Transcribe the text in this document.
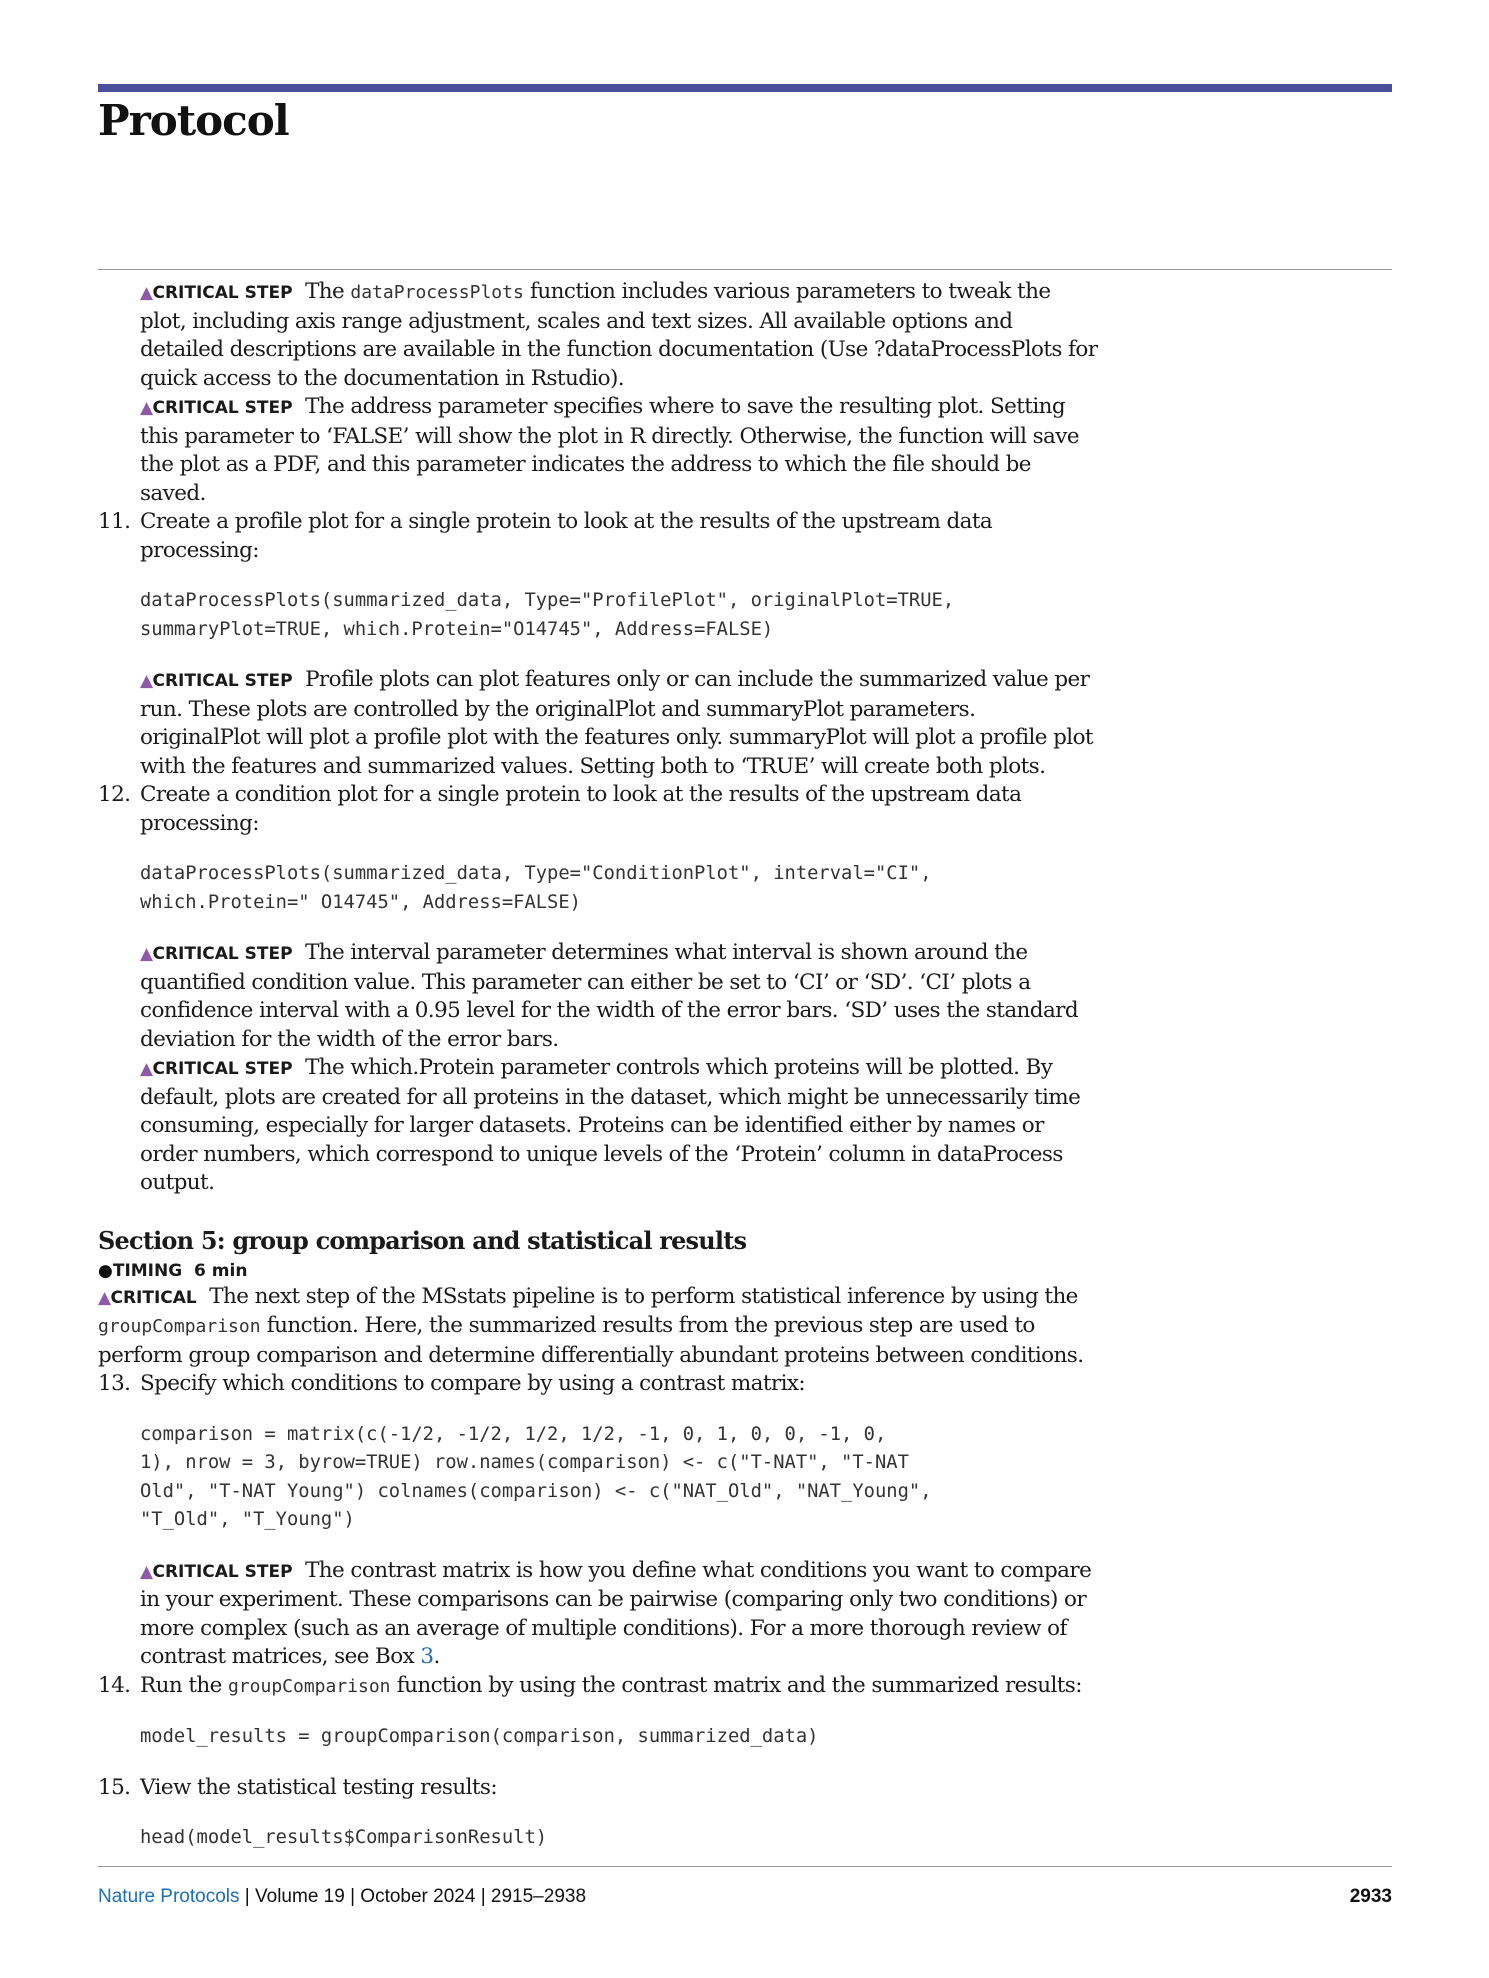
Protocol

▲CRITICAL STEP The dataProcessPlots function includes various parameters to tweak the plot, including axis range adjustment, scales and text sizes. All available options and detailed descriptions are available in the function documentation (Use ?dataProcessPlots for quick access to the documentation in Rstudio).

▲CRITICAL STEP The address parameter specifies where to save the resulting plot. Setting this parameter to ‘FALSE’ will show the plot in R directly. Otherwise, the function will save the plot as a PDF, and this parameter indicates the address to which the file should be saved.

11. Create a profile plot for a single protein to look at the results of the upstream data processing:
dataProcessPlots(summarized_data, Type="ProfilePlot", originalPlot=TRUE,
summaryPlot=TRUE, which.Protein="O14745", Address=FALSE)

▲CRITICAL STEP Profile plots can plot features only or can include the summarized value per run. These plots are controlled by the originalPlot and summaryPlot parameters. originalPlot will plot a profile plot with the features only. summaryPlot will plot a profile plot with the features and summarized values. Setting both to ‘TRUE’ will create both plots.

12. Create a condition plot for a single protein to look at the results of the upstream data processing:
dataProcessPlots(summarized_data, Type="ConditionPlot", interval="CI",
which.Protein=" O14745", Address=FALSE)

▲CRITICAL STEP The interval parameter determines what interval is shown around the quantified condition value. This parameter can either be set to ‘CI’ or ‘SD’. ‘CI’ plots a confidence interval with a 0.95 level for the width of the error bars. ‘SD’ uses the standard deviation for the width of the error bars.

▲CRITICAL STEP The which.Protein parameter controls which proteins will be plotted. By default, plots are created for all proteins in the dataset, which might be unnecessarily time consuming, especially for larger datasets. Proteins can be identified either by names or order numbers, which correspond to unique levels of the ‘Protein’ column in dataProcess output.

Section 5: group comparison and statistical results

●TIMING 6 min

▲CRITICAL The next step of the MSstats pipeline is to perform statistical inference by using the groupComparison function. Here, the summarized results from the previous step are used to perform group comparison and determine differentially abundant proteins between conditions.

13. Specify which conditions to compare by using a contrast matrix:
comparison = matrix(c(-1/2, -1/2, 1/2, 1/2, -1, 0, 1, 0, 0, -1, 0,
1), nrow = 3, byrow=TRUE) row.names(comparison) <- c("T-NAT", "T-NAT
Old", "T-NAT Young") colnames(comparison) <- c("NAT_Old", "NAT_Young",
"T_Old", "T_Young")

▲CRITICAL STEP The contrast matrix is how you define what conditions you want to compare in your experiment. These comparisons can be pairwise (comparing only two conditions) or more complex (such as an average of multiple conditions). For a more thorough review of contrast matrices, see Box 3.

14. Run the groupComparison function by using the contrast matrix and the summarized results:
model_results = groupComparison(comparison, summarized_data)
15. View the statistical testing results:
head(model_results$ComparisonResult)
Nature Protocols | Volume 19 | October 2024 | 2915–2938	2933
